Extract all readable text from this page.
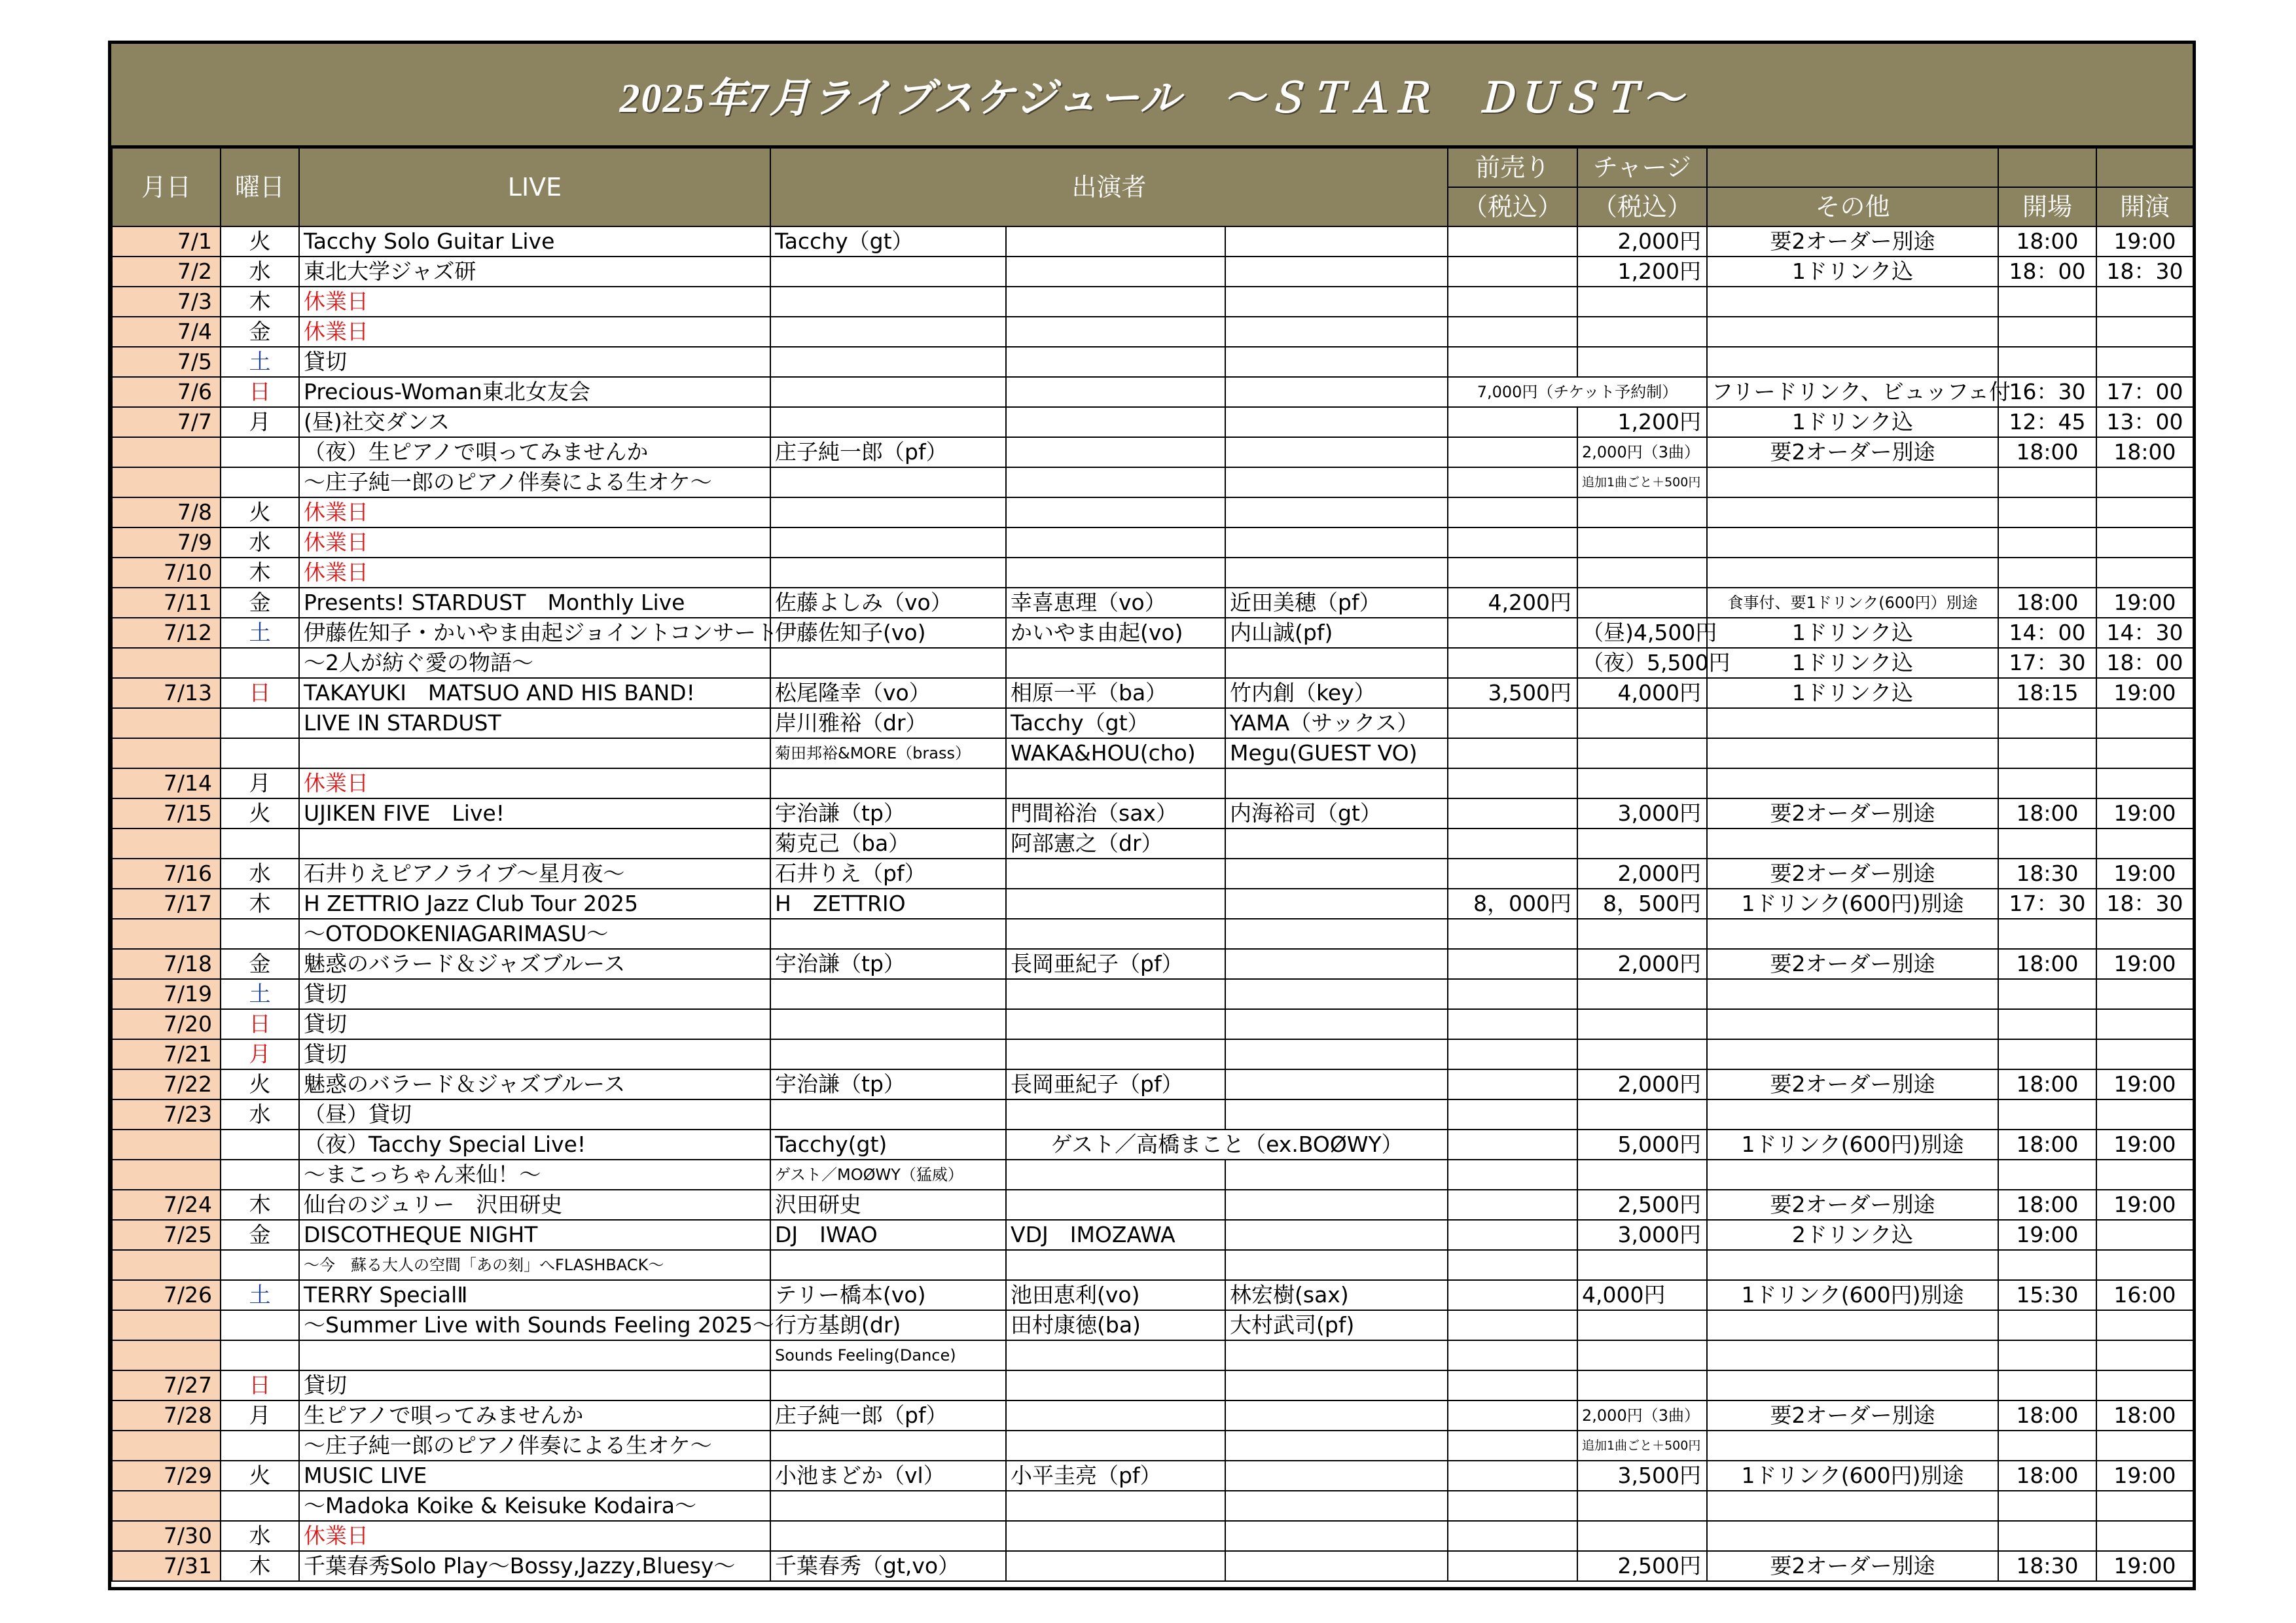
2025年7月ライブスケジュール　～ＳＴＡＲ　ＤＵＳＴ～
月日	曜日	LIVE	出演者			前売り	チャージ			
						（税込）	（税込）	その他	開場	開演
7/1	火	Tacchy Solo Guitar Live	Tacchy（gt）				2,000円	要2オーダー別途	18:00	19:00
7/2	水	東北大学ジャズ研					1,200円	1ドリンク込	18：00	18：30
7/3	木	休業日								
7/4	金	休業日								
7/5	土	貸切								
7/6	日	Precious-Woman東北女友会				7,000円（チケット予約制）		フリードリンク、ビュッフェ付	16：30	17：00
7/7	月	(昼)社交ダンス					1,200円	1ドリンク込	12：45	13：00
		（夜）生ピアノで唄ってみませんか	庄子純一郎（pf）				2,000円（3曲）	要2オーダー別途	18:00	18:00
		～庄子純一郎のピアノ伴奏による生オケ～					追加1曲ごと＋500円			
7/8	火	休業日								
7/9	水	休業日								
7/10	木	休業日								
7/11	金	Presents! STARDUST　Monthly Live	佐藤よしみ（vo）	幸喜恵理（vo）	近田美穂（pf）	4,200円		食事付、要1ドリンク(600円）別途	18:00	19:00
7/12	土	伊藤佐知子・かいやま由起ジョイントコンサート	伊藤佐知子(vo)	かいやま由起(vo)	内山誠(pf)		（昼)4,500円	1ドリンク込	14：00	14：30
		～2人が紡ぐ愛の物語～					（夜）5,500円	1ドリンク込	17：30	18：00
7/13	日	TAKAYUKI　MATSUO AND HIS BAND!	松尾隆幸（vo）	相原一平（ba）	竹内創（key）	3,500円	4,000円	1ドリンク込	18:15	19:00
		LIVE IN STARDUST	岸川雅裕（dr）	Tacchy（gt）	YAMA（サックス）					
			菊田邦裕&MORE（brass）	WAKA&HOU(cho)	Megu(GUEST VO)					
7/14	月	休業日								
7/15	火	UJIKEN FIVE　Live!	宇治謙（tp）	門間裕治（sax）	内海裕司（gt）		3,000円	要2オーダー別途	18:00	19:00
			菊克己（ba）	阿部憲之（dr）						
7/16	水	石井りえピアノライブ～星月夜～	石井りえ（pf）				2,000円	要2オーダー別途	18:30	19:00
7/17	木	H ZETTRIO Jazz Club Tour 2025	H　ZETTRIO			8，000円	8，500円	1ドリンク(600円)別途	17：30	18：30
		～OTODOKENIAGARIMASU～								
7/18	金	魅惑のバラード＆ジャズブルース	宇治謙（tp）	長岡亜紀子（pf）			2,000円	要2オーダー別途	18:00	19:00
7/19	土	貸切								
7/20	日	貸切								
7/21	月	貸切								
7/22	火	魅惑のバラード＆ジャズブルース	宇治謙（tp）	長岡亜紀子（pf）			2,000円	要2オーダー別途	18:00	19:00
7/23	水	（昼）貸切								
		（夜）Tacchy Special Live!	Tacchy(gt)	ゲスト／高橋まこと（ex.BOØWY）			5,000円	1ドリンク(600円)別途	18:00	19:00
		～まこっちゃん来仙！～	ゲスト／MOØWY（猛威）							
7/24	木	仙台のジュリー　沢田研史	沢田研史				2,500円	要2オーダー別途	18:00	19:00
7/25	金	DISCOTHEQUE NIGHT	DJ　IWAO	VDJ　IMOZAWA			3,000円	2ドリンク込	19:00	
		～今　蘇る大人の空間「あの刻」へFLASHBACK～								
7/26	土	TERRY SpecialⅡ	テリー橋本(vo)	池田恵利(vo)	林宏樹(sax)		4,000円	1ドリンク(600円)別途	15:30	16:00
		～Summer Live with Sounds Feeling 2025～	行方基朗(dr)	田村康徳(ba)	大村武司(pf)					
			Sounds Feeling(Dance)							
7/27	日	貸切								
7/28	月	生ピアノで唄ってみませんか	庄子純一郎（pf）				2,000円（3曲）	要2オーダー別途	18:00	18:00
		～庄子純一郎のピアノ伴奏による生オケ～					追加1曲ごと＋500円			
7/29	火	MUSIC LIVE	小池まどか（vl）	小平圭亮（pf）			3,500円	1ドリンク(600円)別途	18:00	19:00
		～Madoka Koike & Keisuke Kodaira～								
7/30	水	休業日								
7/31	木	千葉春秀Solo Play～Bossy,Jazzy,Bluesy～	千葉春秀（gt,vo）				2,500円	要2オーダー別途	18:30	19:00
